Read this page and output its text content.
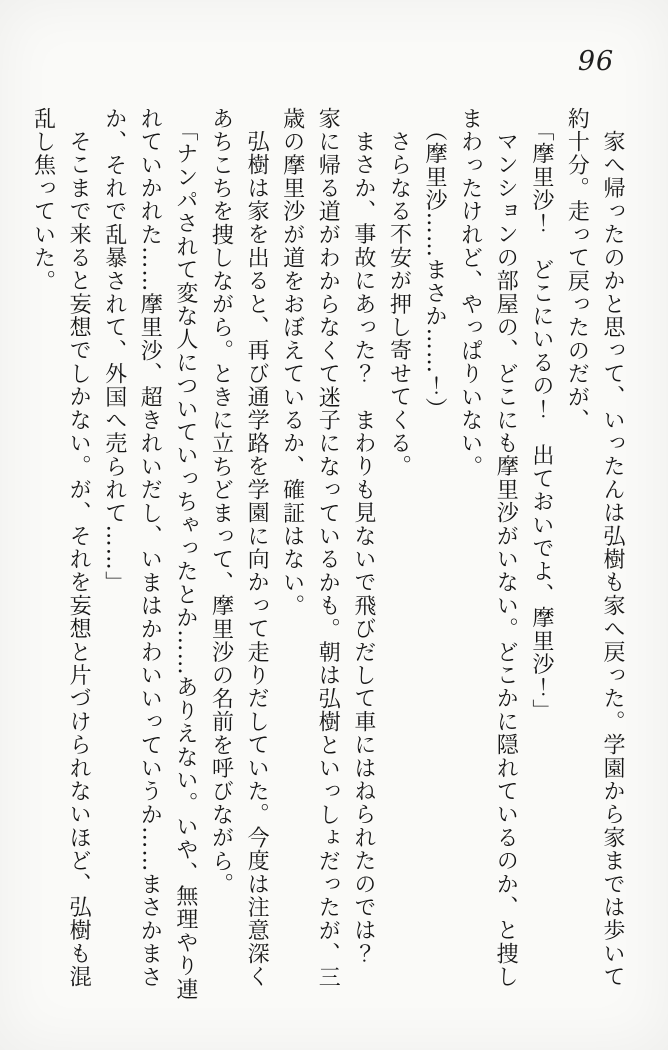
96
家へ帰ったのかと思って、いったんは弘樹も家へ戻った。学園から家までは歩いて
約十分。走って戻ったのだが、
「摩里沙！　どこにいるの！　出ておいでよ、摩里沙！」
マンションの部屋の、どこにも摩里沙がいない。どこかに隠れているのか、と捜し
まわったけれど、やっぱりいない。
（摩里沙……まさか……！）
さらなる不安が押し寄せてくる。
まさか、事故にあった？　まわりも見ないで飛びだして車にはねられたのでは？
家に帰る道がわからなくて迷子になっているかも。朝は弘樹といっしょだったが、三
歳の摩里沙が道をおぼえているか、確証はない。
弘樹は家を出ると、再び通学路を学園に向かって走りだしていた。今度は注意深く
あちこちを捜しながら。ときに立ちどまって、摩里沙の名前を呼びながら。
「ナンパされて変な人についていっちゃったとか……ありえない。いや、無理やり連
れていかれた……摩里沙、超きれいだし、いまはかわいいっていうか……まさかまさ
か、それで乱暴されて、外国へ売られて……」
そこまで来ると妄想でしかない。が、それを妄想と片づけられないほど、弘樹も混
乱し焦っていた。
